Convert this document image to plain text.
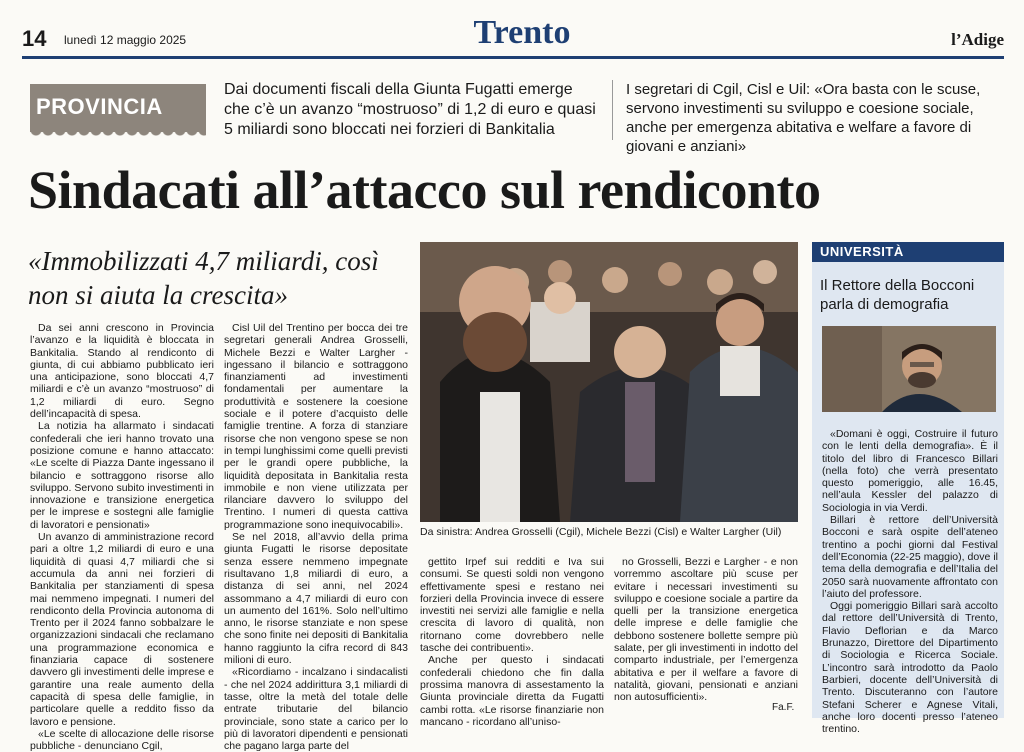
14 lunedì 12 maggio 2025	Trento	l’Adige
PROVINCIA
Dai documenti fiscali della Giunta Fugatti emerge che c’è un avanzo “mostruoso” di 1,2 di euro e quasi 5 miliardi sono bloccati nei forzieri di Bankitalia
I segretari di Cgil, Cisl e Uil: «Ora basta con le scuse, servono investimenti su sviluppo e coesione sociale, anche per emergenza abitativa e welfare a favore di giovani e anziani»
Sindacati all’attacco sul rendiconto
«Immobilizzati 4,7 miliardi, così non si aiuta la crescita»

Da sei anni crescono in Provincia l’avanzo e la liquidità è bloccata in Bankitalia. Stando al rendiconto di giunta, di cui abbiamo pubblicato ieri una anticipazione, sono bloccati 4,7 miliardi e c’è un avanzo “mostruoso” di 1,2 miliardi di euro. Segno dell’incapacità di spesa.

La notizia ha allarmato i sindacati confederali che ieri hanno trovato una posizione comune e hanno attaccato: «Le scelte di Piazza Dante ingessano il bilancio e sottraggono risorse allo sviluppo. Servono subito investimenti in innovazione e transizione energetica per le imprese e sostegni alle famiglie di lavoratori e pensionati»

Un avanzo di amministrazione record pari a oltre 1,2 miliardi di euro e una liquidità di quasi 4,7 miliardi che si accumula da anni nei forzieri di Bankitalia per stanziamenti di spesa mai nemmeno impegnati. I numeri del rendiconto della Provincia autonoma di Trento per il 2024 fanno sobbalzare le organizzazioni sindacali che reclamano una programmazione economica e finanziaria capace di sostenere davvero gli investimenti delle imprese e garantire una reale aumento della capacità di spesa delle famiglie, in particolare quelle a reddito fisso da lavoro e pensione.

«Le scelte di allocazione delle risorse pubbliche - denunciano Cgil,

Cisl Uil del Trentino per bocca dei tre segretari generali Andrea Grosselli, Michele Bezzi e Walter Largher - ingessano il bilancio e sottraggono finanziamenti ad investimenti fondamentali per aumentare la produttività e sostenere la coesione sociale e il potere d’acquisto delle famiglie trentine. A forza di stanziare risorse che non vengono spese se non in tempi lunghissimi come quelli previsti per le grandi opere pubbliche, la liquidità depositata in Bankitalia resta immobile e non viene utilizzata per rilanciare davvero lo sviluppo del Trentino. I numeri di questa cattiva programmazione sono inequivocabili».

Se nel 2018, all’avvio della prima giunta Fugatti le risorse depositate senza essere nemmeno impegnate risultavano 1,8 miliardi di euro, a distanza di sei anni, nel 2024 assommano a 4,7 miliardi di euro con un aumento del 161%. Solo nell’ultimo anno, le risorse stanziate e non spese che sono finite nei depositi di Bankitalia hanno raggiunto la cifra record di 843 milioni di euro.

«Ricordiamo - incalzano i sindacalisti - che nel 2024 addirittura 3,1 miliardi di tasse, oltre la metà del totale delle entrate tributarie del bilancio provinciale, sono state a carico per lo più di lavoratori dipendenti e pensionati che pagano larga parte del

Da sinistra: Andrea Grosselli (Cgil), Michele Bezzi (Cisl) e Walter Largher (Uil)

gettito Irpef sui redditi e Iva sui consumi. Se questi soldi non vengono effettivamente spesi e restano nei forzieri della Provincia invece di essere investiti nei servizi alle famiglie e nella crescita di lavoro di qualità, non ritornano come dovrebbero nelle tasche dei contribuenti».

Anche per questo i sindacati confederali chiedono che fin dalla prossima manovra di assestamento la Giunta provinciale diretta da Fugatti cambi rotta. «Le risorse finanziarie non mancano - ricordano all’uniso-

no Grosselli, Bezzi e Largher - e non vorremmo ascoltare più scuse per evitare i necessari investimenti su sviluppo e coesione sociale a partire da quelli per la transizione energetica delle imprese e delle famiglie che debbono sostenere bollette sempre più salate, per gli investimenti in indotto del comparto industriale, per l’emergenza abitativa e per il welfare a favore di natalità, giovani, pensionati e anziani non autosufficienti».

Fa.F.
UNIVERSITÀ
Il Rettore della Bocconi parla di demografia

«Domani è oggi, Costruire il futuro con le lenti della demografia». È il titolo del libro di Francesco Billari (nella foto) che verrà presentato questo pomeriggio, alle 16.45, nell’aula Kessler del palazzo di Sociologia in via Verdi.

Billari è rettore dell’Università Bocconi e sarà ospite dell’ateneo trentino a pochi giorni dal Festival dell’Economia (22-25 maggio), dove il tema della demografia e dell’Italia del 2050 sarà nuovamente affrontato con l’aiuto del professore.

Oggi pomeriggio Billari sarà accolto dal rettore dell’Università di Trento, Flavio Deflorian e da Marco Brunazzo, Direttore del Dipartimento di Sociologia e Ricerca Sociale. L’incontro sarà introdotto da Paolo Barbieri, docente dell’Università di Trento. Discuteranno con l’autore Stefani Scherer e Agnese Vitali, anche loro docenti presso l’ateneo trentino.
